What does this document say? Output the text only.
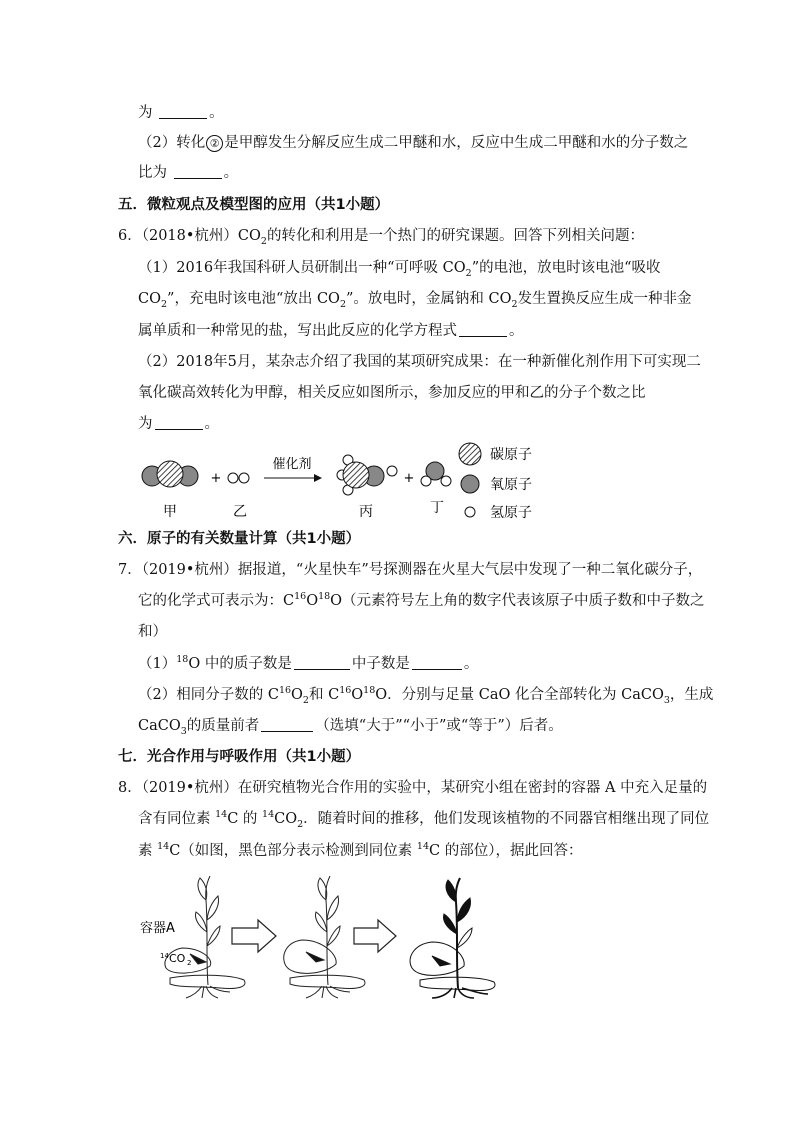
为	。
（2）转化 ② 是甲醇发生分解反应生成二甲醚和水，反应中生成二甲醚和水的分子数之
比为	。
五．微粒观点及模型图的应用（共1小题）
6．（2018•杭州）$CO_2$的转化和利用是一个热门的研究课题。回答下列相关问题：
（1）2016年我国科研人员研制出一种“可呼吸 $CO_2$”的电池，放电时该电池“吸收
$CO_2$”，充电时该电池“放出 $CO_2$”。放电时，金属钠和 $CO_2$发生置换反应生成一种非金
属单质和一种常见的盐，写出此反应的化学方程式	。
（2）2018年5月，某杂志介绍了我国的某项研究成果：在一种新催化剂作用下可实现二
氧化碳高效转化为甲醇，相关反应如图所示，参加反应的甲和乙的分子个数之比
为	。
甲
+
乙
催化剂
丙
+
丁
碳原子
氧原子
氢原子
六．原子的有关数量计算（共1小题）
7．（2019•杭州）据报道，“火星快车”号探测器在火星大气层中发现了一种二氧化碳分子，
它的化学式可表示为：$C^{16}O^{18}O$（元素符号左上角的数字代表该原子中质子数和中子数之
和）
$(1)^{18}O$ 中的质子数是	中子数是	。
（2）相同分子数的 $C^{16}O_2$和 $C^{16}O^{18}O$．分别与足量 CaO 化合全部转化为 CaCO$_3$，生成
CaCO$_3$的质量前者	（选填“大于”“小于”或“等于”）后者。
七．光合作用与呼吸作用（共1小题）
8．（2019•杭州）在研究植物光合作用的实验中，某研究小组在密封的容器 A 中充入足量的
含有同位素 $^{14}$C 的 $^{14}CO_2$．随着时间的推移，他们发现该植物的不同器官相继出现了同位
素 $^{14}$C（如图，黑色部分表示检测到同位素 $^{14}$C 的部位），据此回答：
容器A
14 CO 2
